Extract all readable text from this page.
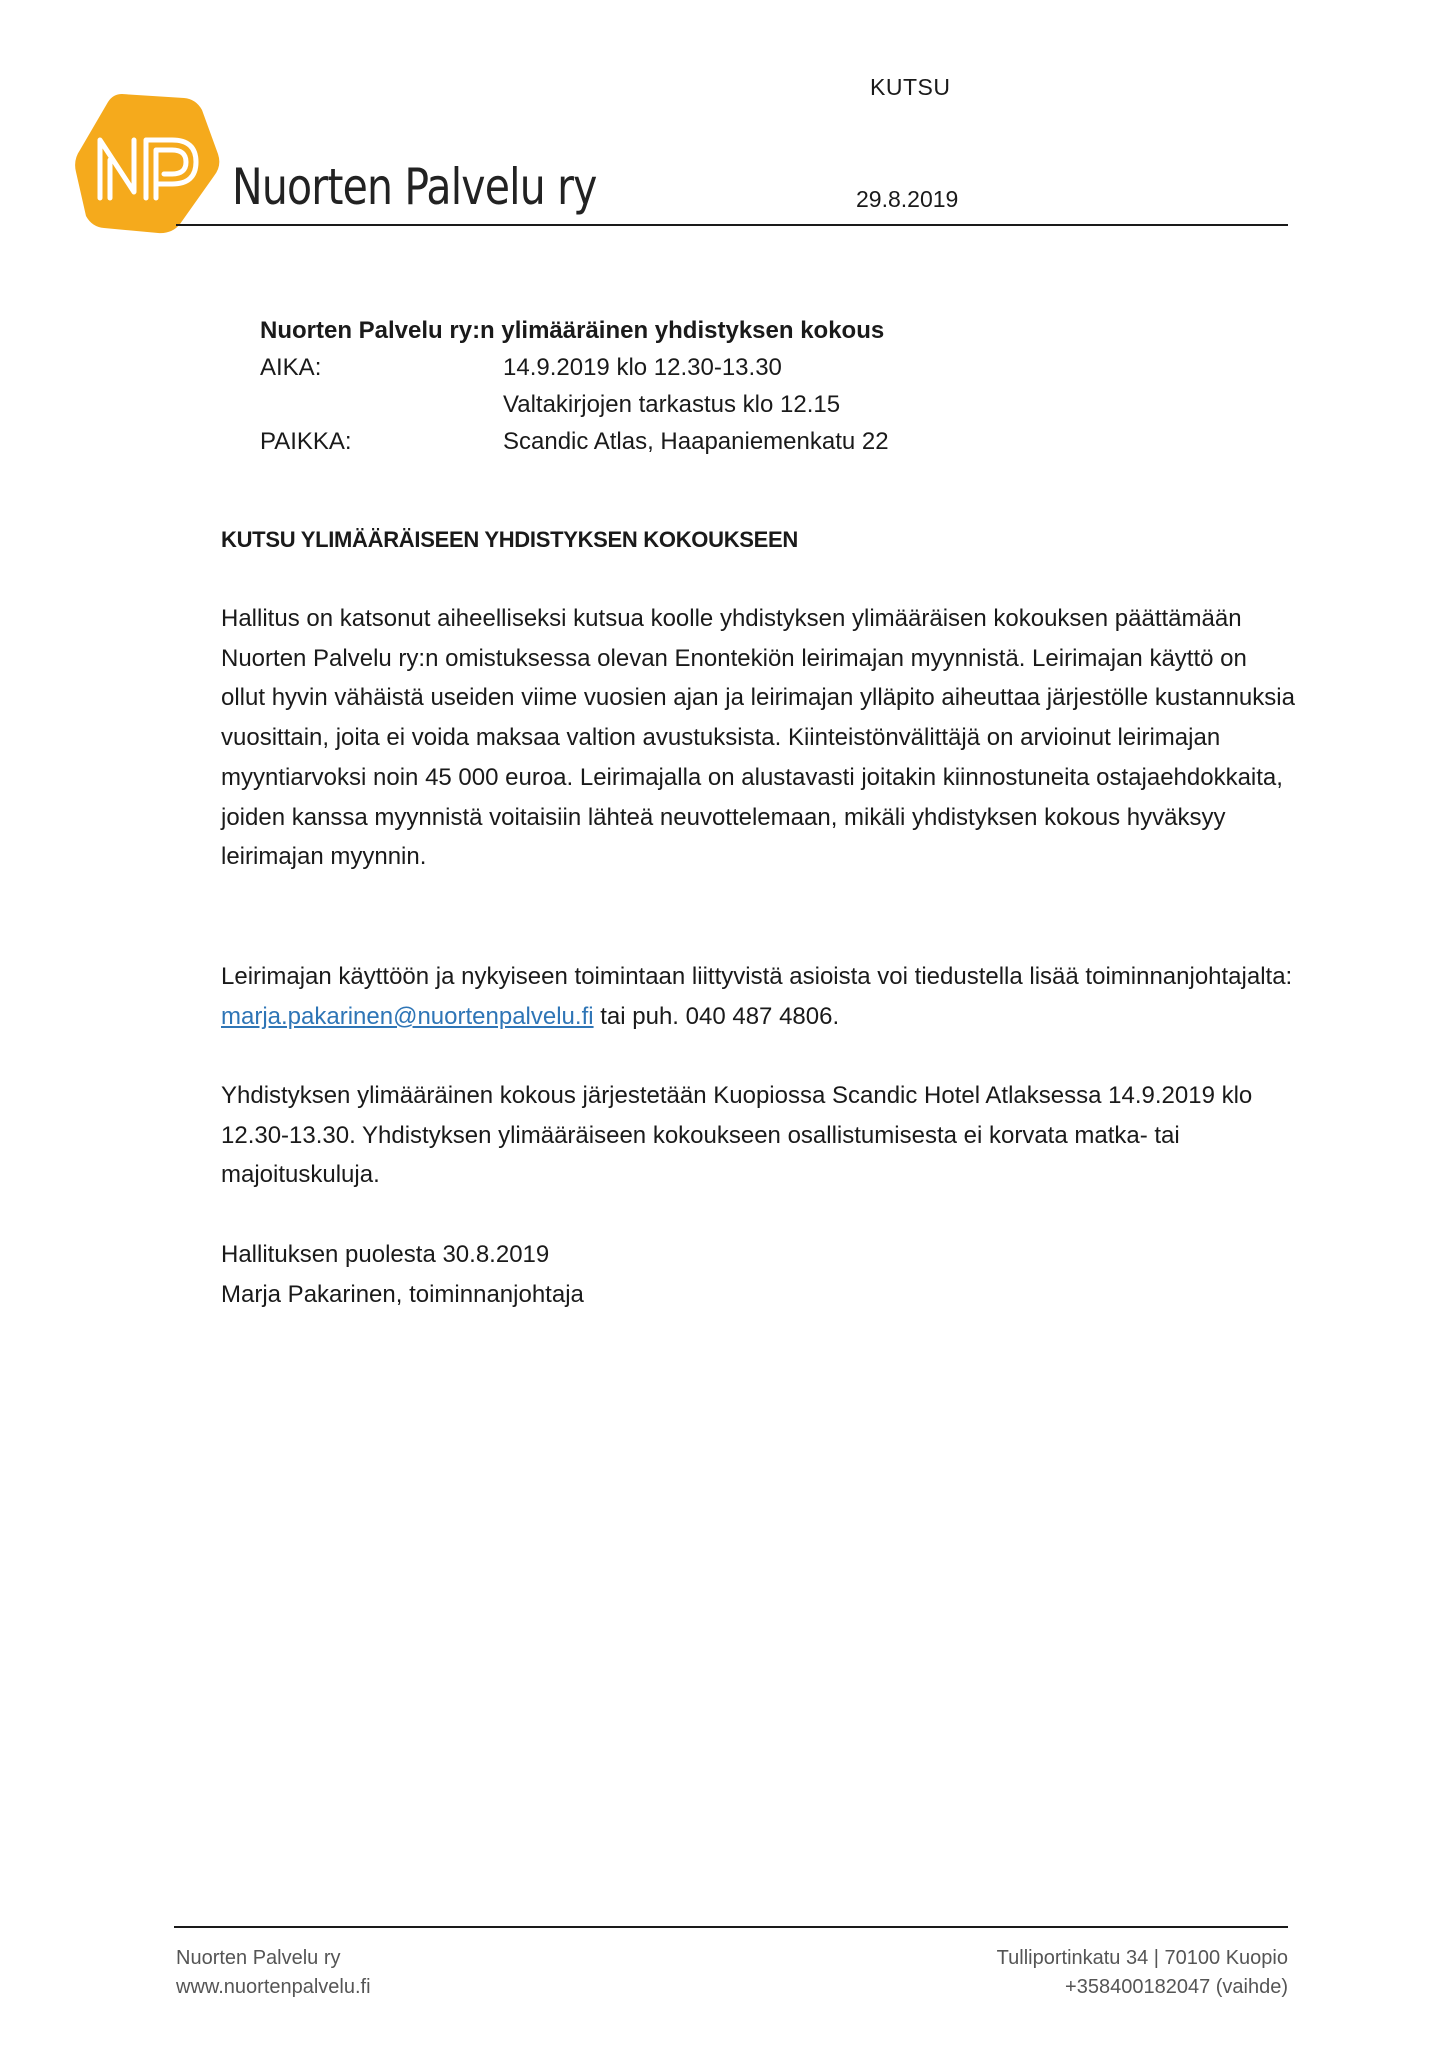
KUTSU
Nuorten Palvelu ry	29.8.2019
Nuorten Palvelu ry:n ylimääräinen yhdistyksen kokous
AIKA:	14.9.2019 klo 12.30-13.30
Valtakirjojen tarkastus klo 12.15
PAIKKA:	Scandic Atlas, Haapaniemenkatu 22
KUTSU YLIMÄÄRÄISEEN YHDISTYKSEN KOKOUKSEEN
Hallitus on katsonut aiheelliseksi kutsua koolle yhdistyksen ylimääräisen kokouksen päättämään Nuorten Palvelu ry:n omistuksessa olevan Enontekiön leirimajan myynnistä. Leirimajan käyttö on ollut hyvin vähäistä useiden viime vuosien ajan ja leirimajan ylläpito aiheuttaa järjestölle kustannuksia vuosittain, joita ei voida maksaa valtion avustuksista. Kiinteistönvälittäjä on arvioinut leirimajan myyntiarvoksi noin 45 000 euroa. Leirimajalla on alustavasti joitakin kiinnostuneita ostajaehdokkaita, joiden kanssa myynnistä voitaisiin lähteä neuvottelemaan, mikäli yhdistyksen kokous hyväksyy leirimajan myynnin.
Leirimajan käyttöön ja nykyiseen toimintaan liittyvistä asioista voi tiedustella lisää toiminnanjohtajalta: marja.pakarinen@nuortenpalvelu.fi tai puh. 040 487 4806.
Yhdistyksen ylimääräinen kokous järjestetään Kuopiossa Scandic Hotel Atlaksessa 14.9.2019 klo 12.30-13.30. Yhdistyksen ylimääräiseen kokoukseen osallistumisesta ei korvata matka- tai majoituskuluja.
Hallituksen puolesta 30.8.2019
Marja Pakarinen, toiminnanjohtaja
Nuorten Palvelu ry
www.nuortenpalvelu.fi
Tulliportinkatu 34 | 70100 Kuopio
+358400182047 (vaihde)
